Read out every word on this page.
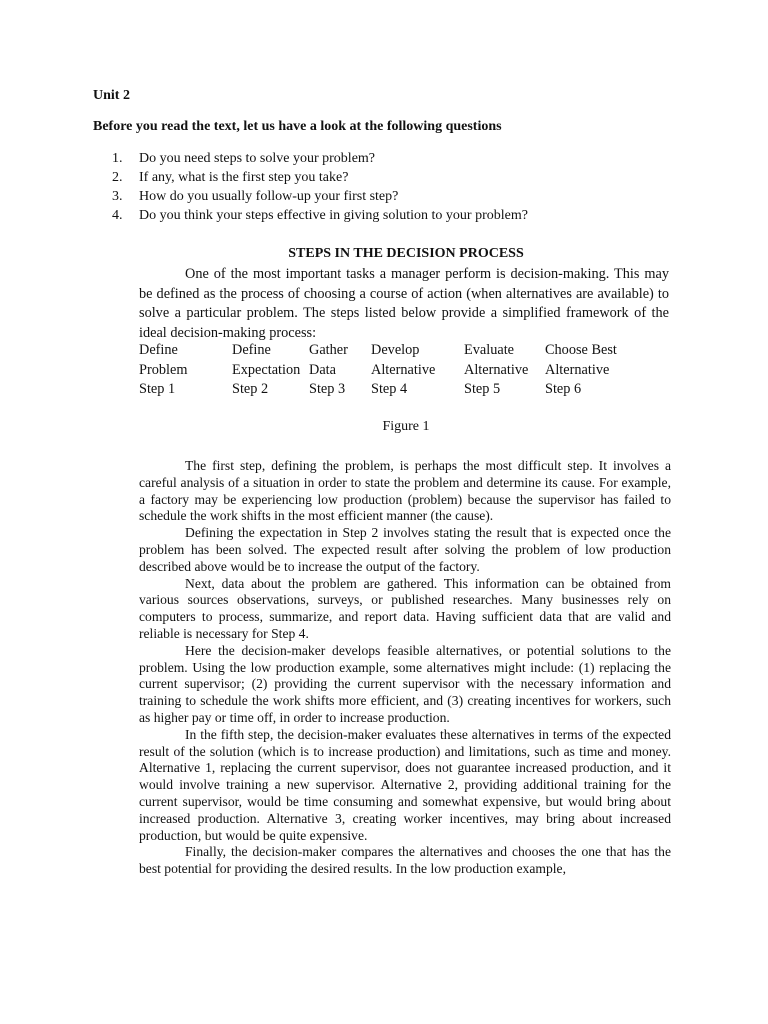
Unit 2

Before you read the text, let us have a look at the following questions

1. Do you need steps to solve your problem?
2. If any, what is the first step you take?
3. How do you usually follow-up your first step?
4. Do you think your steps effective in giving solution to your problem?
STEPS IN THE DECISION PROCESS

One of the most important tasks a manager perform is decision-making. This may be defined as the process of choosing a course of action (when alternatives are available) to solve a particular problem. The steps listed below provide a simplified framework of the ideal decision-making process:

Define	Define	Gather	Develop	Evaluate	Choose Best
Problem	Expectation	Data	Alternative	Alternative	Alternative
Step 1	Step 2	Step 3	Step 4	Step 5	Step 6

Figure 1

The first step, defining the problem, is perhaps the most difficult step. It involves a careful analysis of a situation in order to state the problem and determine its cause. For example, a factory may be experiencing low production (problem) because the supervisor has failed to schedule the work shifts in the most efficient manner (the cause).

Defining the expectation in Step 2 involves stating the result that is expected once the problem has been solved. The expected result after solving the problem of low production described above would be to increase the output of the factory.

Next, data about the problem are gathered. This information can be obtained from various sources observations, surveys, or published researches. Many businesses rely on computers to process, summarize, and report data. Having sufficient data that are valid and reliable is necessary for Step 4.

Here the decision-maker develops feasible alternatives, or potential solutions to the problem. Using the low production example, some alternatives might include: (1) replacing the current supervisor; (2) providing the current supervisor with the necessary information and training to schedule the work shifts more efficient, and (3) creating incentives for workers, such as higher pay or time off, in order to increase production.

In the fifth step, the decision-maker evaluates these alternatives in terms of the expected result of the solution (which is to increase production) and limitations, such as time and money. Alternative 1, replacing the current supervisor, does not guarantee increased production, and it would involve training a new supervisor. Alternative 2, providing additional training for the current supervisor, would be time consuming and somewhat expensive, but would bring about increased production. Alternative 3, creating worker incentives, may bring about increased production, but would be quite expensive.

Finally, the decision-maker compares the alternatives and chooses the one that has the best potential for providing the desired results. In the low production example,
